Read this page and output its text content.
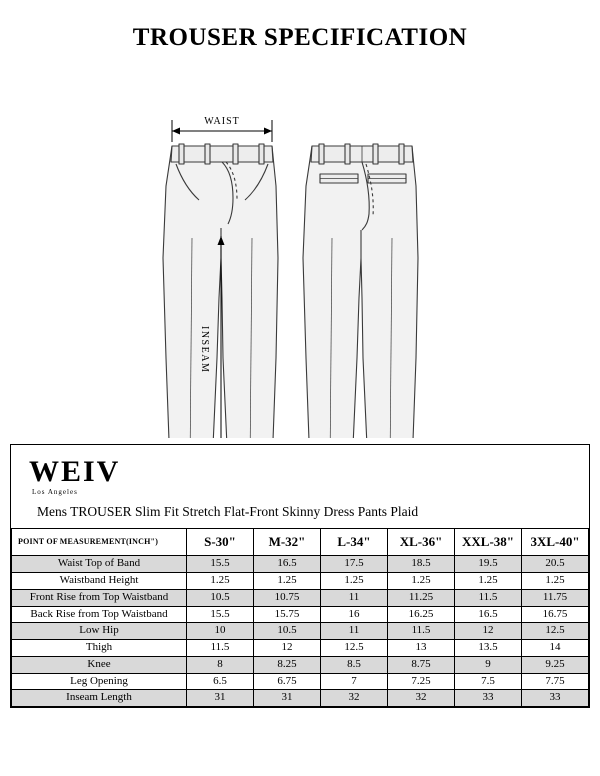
TROUSER SPECIFICATION
WAIST
INSEAM
WEIV
Los Angeles
Mens TROUSER Slim Fit Stretch Flat-Front Skinny Dress Pants Plaid
POINT OF MEASUREMENT(INCH")	S-30"	M-32"	L-34"	XL-36"	XXL-38"	3XL-40"
Waist Top of Band	15.5	16.5	17.5	18.5	19.5	20.5
Waistband Height	1.25	1.25	1.25	1.25	1.25	1.25
Front Rise from Top Waistband	10.5	10.75	11	11.25	11.5	11.75
Back Rise from Top Waistband	15.5	15.75	16	16.25	16.5	16.75
Low Hip	10	10.5	11	11.5	12	12.5
Thigh	11.5	12	12.5	13	13.5	14
Knee	8	8.25	8.5	8.75	9	9.25
Leg Opening	6.5	6.75	7	7.25	7.5	7.75
Inseam Length	31	31	32	32	33	33
